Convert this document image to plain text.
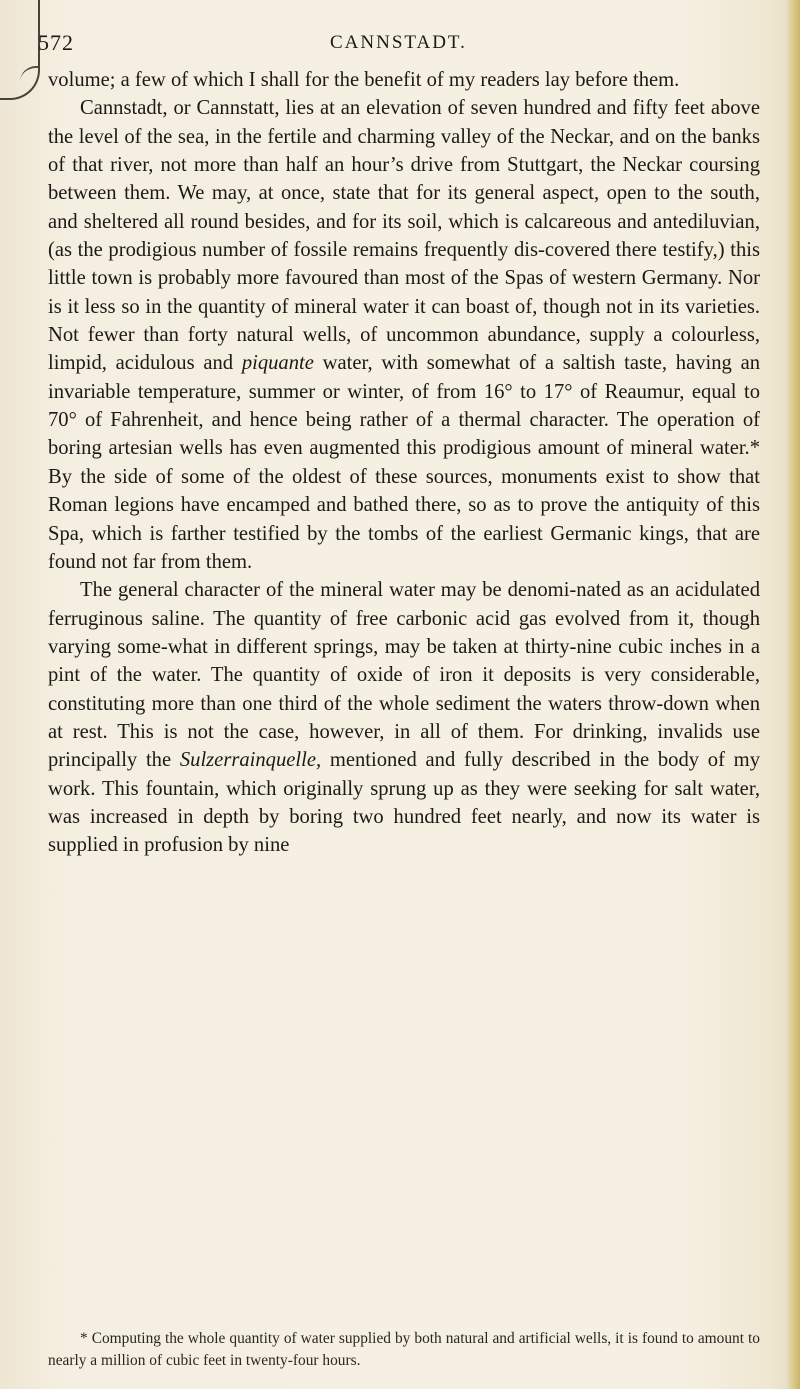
572	CANNSTADT.

volume; a few of which I shall for the benefit of my readers lay before them.

Cannstadt, or Cannstatt, lies at an elevation of seven hundred and fifty feet above the level of the sea, in the fertile and charming valley of the Neckar, and on the banks of that river, not more than half an hour’s drive from Stuttgart, the Neckar coursing between them. We may, at once, state that for its general aspect, open to the south, and sheltered all round besides, and for its soil, which is calcareous and antediluvian, (as the prodigious number of fossile remains frequently dis-covered there testify,) this little town is probably more favoured than most of the Spas of western Germany. Nor is it less so in the quantity of mineral water it can boast of, though not in its varieties. Not fewer than forty natural wells, of uncommon abundance, supply a colourless, limpid, acidulous and piquante water, with somewhat of a saltish taste, having an invariable temperature, summer or winter, of from 16° to 17° of Reaumur, equal to 70° of Fahrenheit, and hence being rather of a thermal character. The operation of boring artesian wells has even augmented this prodigious amount of mineral water.* By the side of some of the oldest of these sources, monuments exist to show that Roman legions have encamped and bathed there, so as to prove the antiquity of this Spa, which is farther testified by the tombs of the earliest Germanic kings, that are found not far from them.

The general character of the mineral water may be denomi-nated as an acidulated ferruginous saline. The quantity of free carbonic acid gas evolved from it, though varying some-what in different springs, may be taken at thirty-nine cubic inches in a pint of the water. The quantity of oxide of iron it deposits is very considerable, constituting more than one third of the whole sediment the waters throw-down when at rest. This is not the case, however, in all of them. For drinking, invalids use principally the Sulzerrainquelle, mentioned and fully described in the body of my work. This fountain, which originally sprung up as they were seeking for salt water, was increased in depth by boring two hundred feet nearly, and now its water is supplied in profusion by nine

* Computing the whole quantity of water supplied by both natural and artificial wells, it is found to amount to nearly a million of cubic feet in twenty-four hours.
